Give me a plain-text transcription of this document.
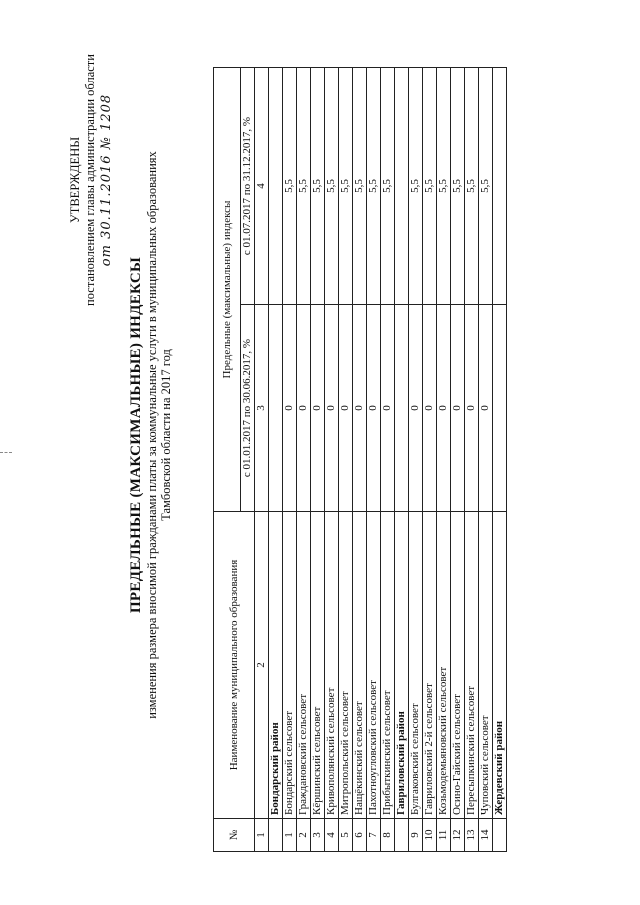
УТВЕРЖДЕНЫ постановлением главы администрации области от 30.11.2016 № 1208
ПРЕДЕЛЬНЫЕ (МАКСИМАЛЬНЫЕ) ИНДЕКСЫ изменения размера вносимой гражданами платы за коммунальные услуги в муниципальных образованиях Тамбовской области на 2017 год
№	Наименование муниципального образования	Предельные (максимальные) индексы	
		с 01.01.2017 по 30.06.2017, %	с 01.07.2017 по 31.12.2017, %
1	2	3	4
	Бондарский район		
1	Бондарский сельсовет	0	5,5
2	Граждановский сельсовет	0	5,5
3	Кёршинский сельсовет	0	5,5
4	Кривополянский сельсовет	0	5,5
5	Митропольский сельсовет	0	5,5
6	Нащёкинский сельсовет	0	5,5
7	Пахотноугловский сельсовет	0	5,5
8	Прибыткинский сельсовет	0	5,5
	Гавриловский район		
9	Булгаковский сельсовет	0	5,5
10	Гавриловский 2-й сельсовет	0	5,5
11	Козьмодемьяновский сельсовет	0	5,5
12	Осино-Гайский сельсовет	0	5,5
13	Пересыпкинский сельсовет	0	5,5
14	Чуповский сельсовет	0	5,5
	Жердевский район		
